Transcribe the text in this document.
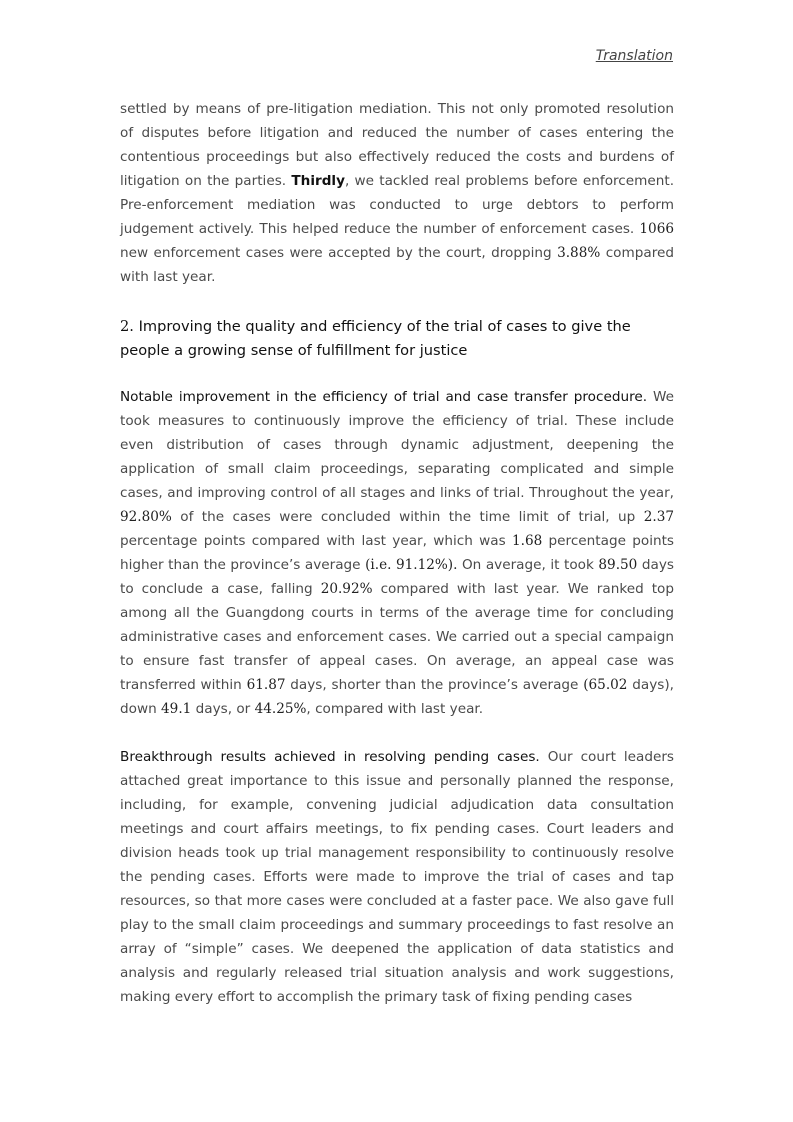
Translation

settled by means of pre-litigation mediation. This not only promoted resolution of disputes before litigation and reduced the number of cases entering the contentious proceedings but also effectively reduced the costs and burdens of litigation on the parties. Thirdly, we tackled real problems before enforcement. Pre-enforcement mediation was conducted to urge debtors to perform judgement actively. This helped reduce the number of enforcement cases. 1066 new enforcement cases were accepted by the court, dropping 3.88% compared with last year.

2. Improving the quality and efficiency of the trial of cases to give the people a growing sense of fulfillment for justice

Notable improvement in the efficiency of trial and case transfer procedure. We took measures to continuously improve the efficiency of trial. These include even distribution of cases through dynamic adjustment, deepening the application of small claim proceedings, separating complicated and simple cases, and improving control of all stages and links of trial. Throughout the year, 92.80% of the cases were concluded within the time limit of trial, up 2.37 percentage points compared with last year, which was 1.68 percentage points higher than the province’s average (i.e. 91.12%). On average, it took 89.50 days to conclude a case, falling 20.92% compared with last year. We ranked top among all the Guangdong courts in terms of the average time for concluding administrative cases and enforcement cases. We carried out a special campaign to ensure fast transfer of appeal cases. On average, an appeal case was transferred within 61.87 days, shorter than the province’s average (65.02 days), down 49.1 days, or 44.25%, compared with last year.

Breakthrough results achieved in resolving pending cases. Our court leaders attached great importance to this issue and personally planned the response, including, for example, convening judicial adjudication data consultation meetings and court affairs meetings, to fix pending cases. Court leaders and division heads took up trial management responsibility to continuously resolve the pending cases. Efforts were made to improve the trial of cases and tap resources, so that more cases were concluded at a faster pace. We also gave full play to the small claim proceedings and summary proceedings to fast resolve an array of “simple” cases. We deepened the application of data statistics and analysis and regularly released trial situation analysis and work suggestions, making every effort to accomplish the primary task of fixing pending cases
